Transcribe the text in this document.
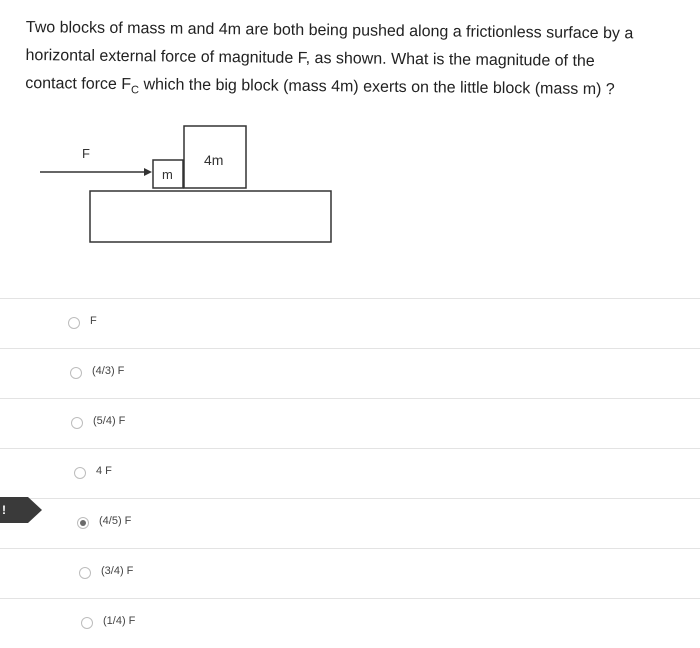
Two blocks of mass m and 4m are both being pushed along a frictionless surface by a
horizontal external force of magnitude F, as shown. What is the magnitude of the
contact force $F_C$ which the big block (mass 4m) exerts on the little block (mass m) ?

F
m
4m
F
(4/3) F
(5/4) F
4 F
(4/5) F
(3/4) F
(1/4) F
!
